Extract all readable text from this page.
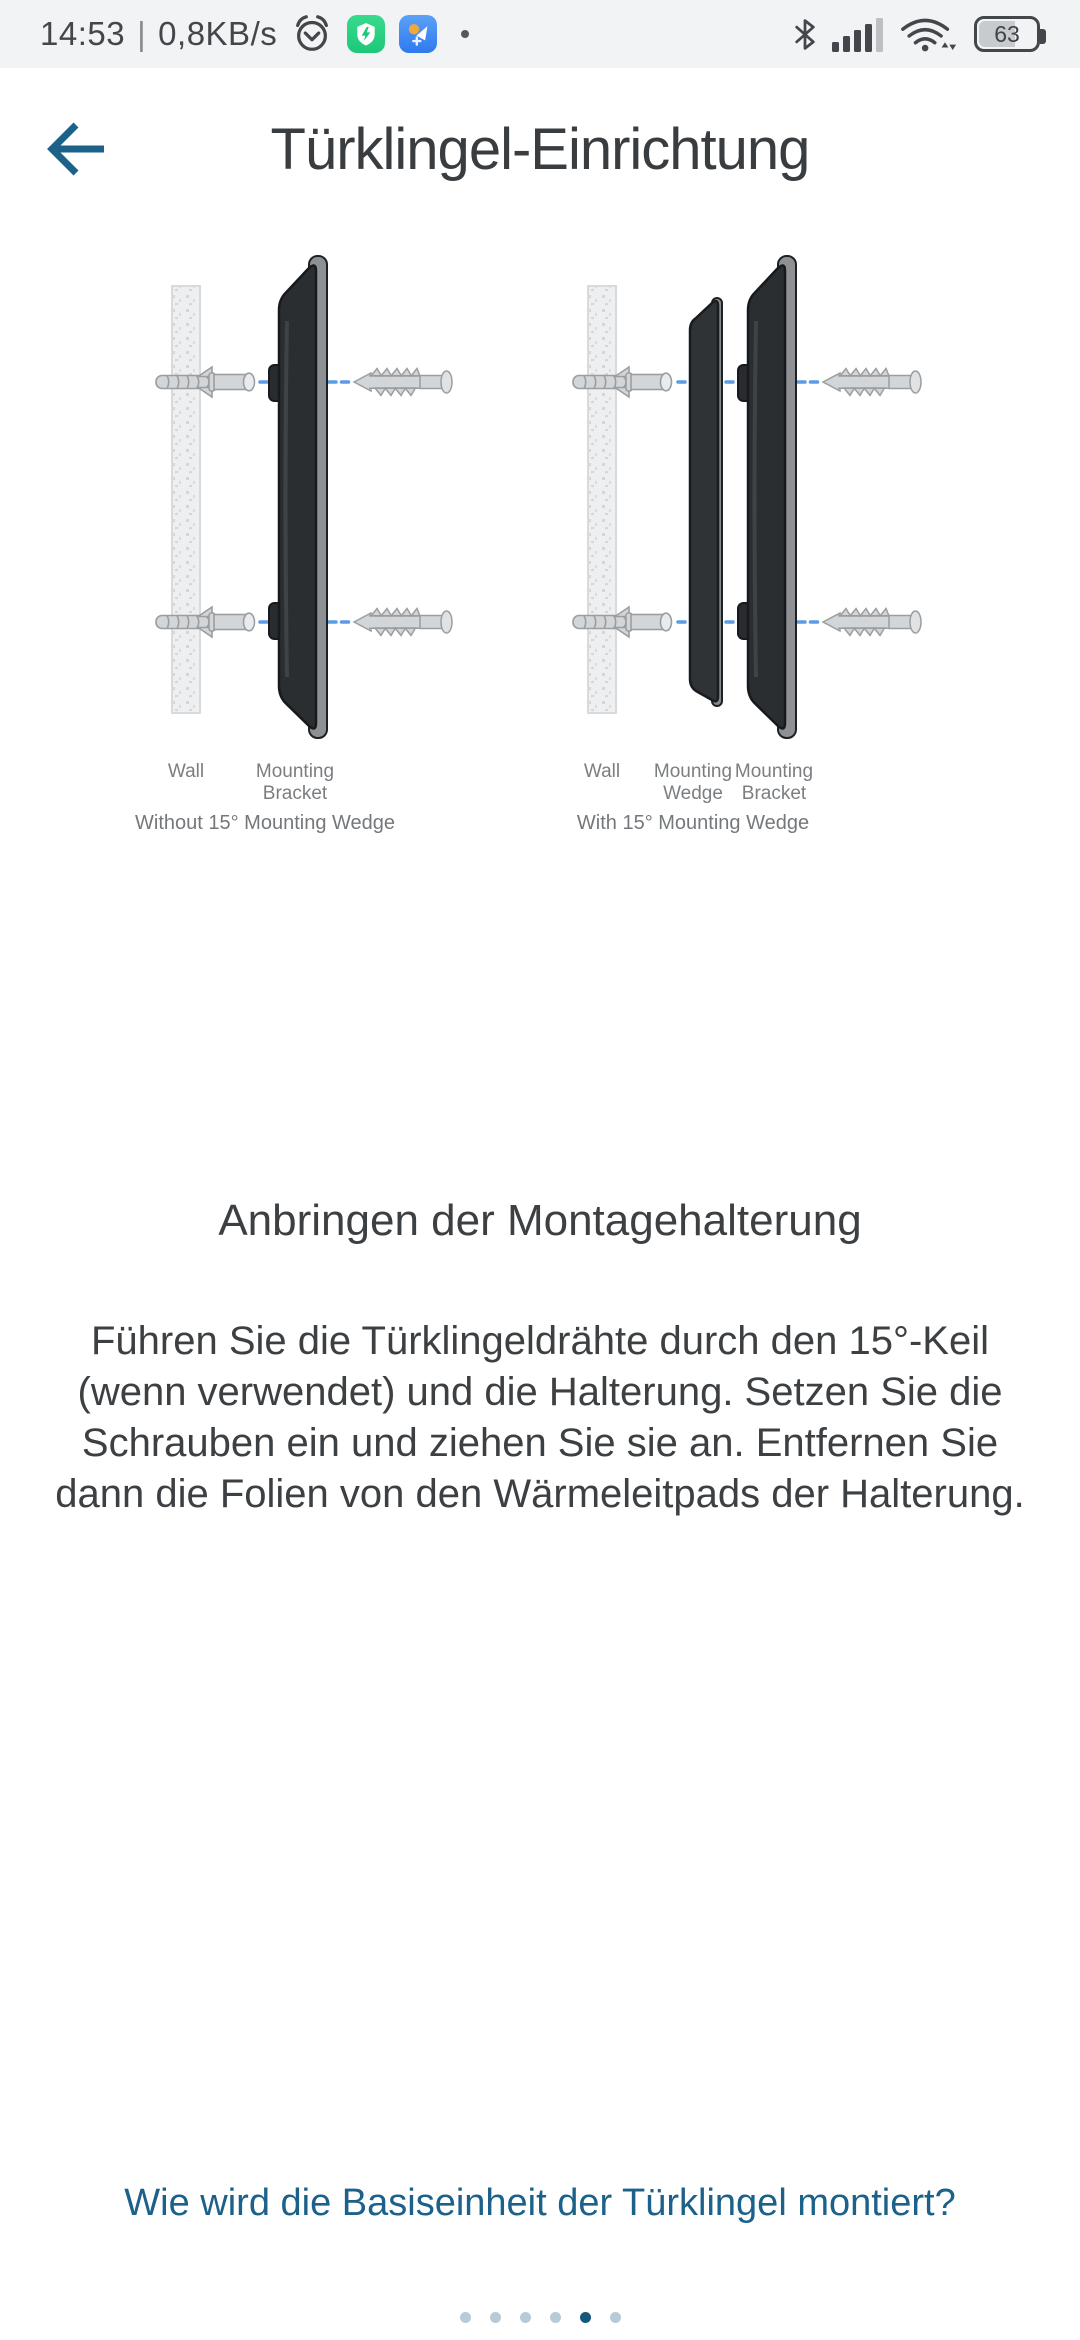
14:53 | 0,8KB/s	63
Türklingel-Einrichtung
Wall	Mounting
Bracket
Without 15° Mounting Wedge
Wall	Mounting
Wedge
Mounting
Bracket
With 15° Mounting Wedge
Anbringen der Montagehalterung
Führen Sie die Türklingeldrähte durch den 15°-Keil (wenn verwendet) und die Halterung. Setzen Sie die Schrauben ein und ziehen Sie sie an. Entfernen Sie dann die Folien von den Wärmeleitpads der Halterung.
Wie wird die Basiseinheit der Türklingel montiert?
